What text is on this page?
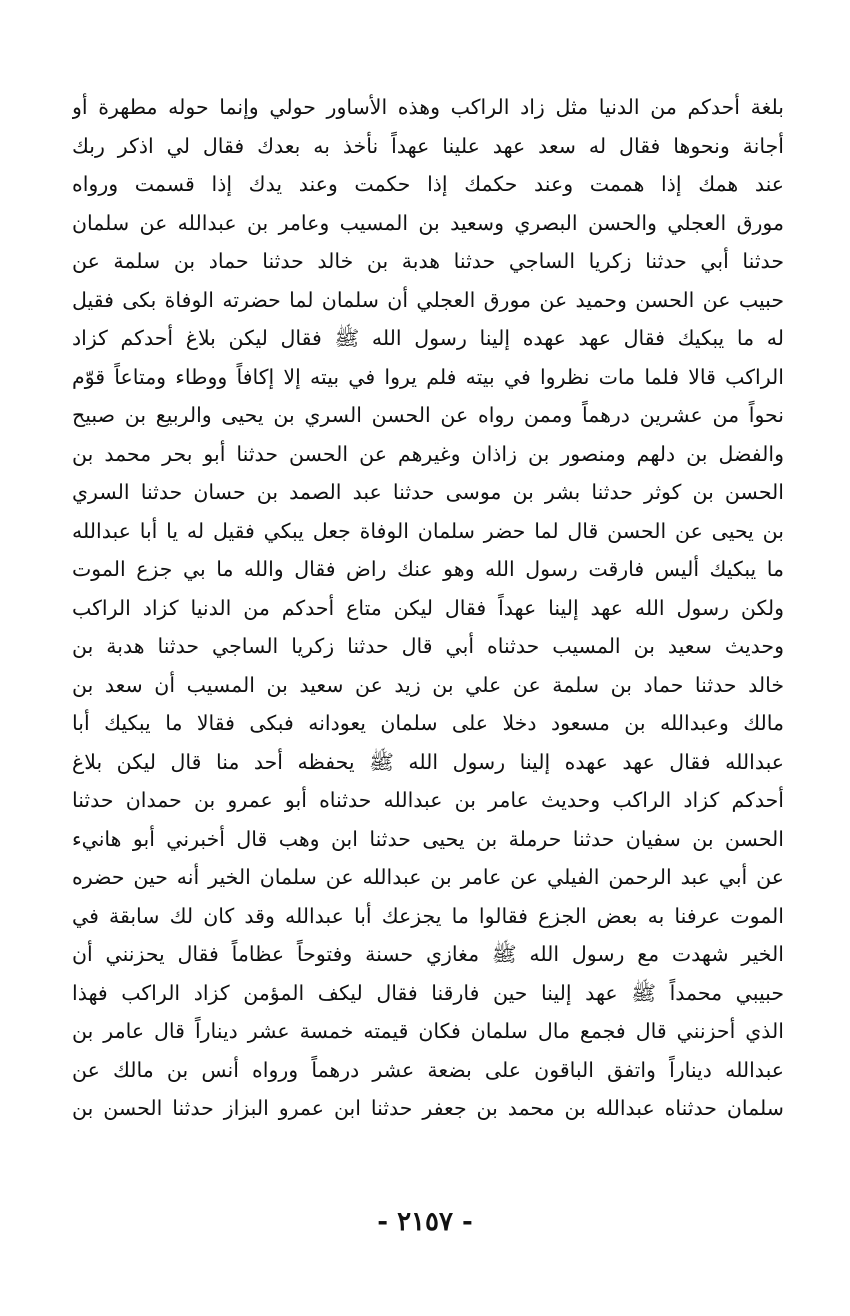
بلغة أحدكم من الدنيا مثل زاد الراكب وهذه الأساور حولي وإنما حوله مطهرة أو
أجانة ونحوها فقال له سعد عهد علينا عهداً نأخذ به بعدك فقال لي اذكر ربك
عند همك إذا هممت وعند حكمك إذا حكمت وعند يدك إذا قسمت ورواه
مورق العجلي والحسن البصري وسعيد بن المسيب وعامر بن عبدالله عن سلمان
حدثنا أبي حدثنا زكريا الساجي حدثنا هدبة بن خالد حدثنا حماد بن سلمة عن
حبيب عن الحسن وحميد عن مورق العجلي أن سلمان لما حضرته الوفاة بكى فقيل
له ما يبكيك فقال عهد عهده إلينا رسول الله ﷺ فقال ليكن بلاغ أحدكم كزاد
الراكب قالا فلما مات نظروا في بيته فلم يروا في بيته إلا إكافاً ووطاء ومتاعاً قوّم
نحواً من عشرين درهماً وممن رواه عن الحسن السري بن يحيى والربيع بن صبيح
والفضل بن دلهم ومنصور بن زاذان وغيرهم عن الحسن حدثنا أبو بحر محمد بن
الحسن بن كوثر حدثنا بشر بن موسى حدثنا عبد الصمد بن حسان حدثنا السري
بن يحيى عن الحسن قال لما حضر سلمان الوفاة جعل يبكي فقيل له يا أبا عبدالله
ما يبكيك أليس فارقت رسول الله وهو عنك راض فقال والله ما بي جزع الموت
ولكن رسول الله عهد إلينا عهداً فقال ليكن متاع أحدكم من الدنيا كزاد الراكب
وحديث سعيد بن المسيب حدثناه أبي قال حدثنا زكريا الساجي حدثنا هدبة بن
خالد حدثنا حماد بن سلمة عن علي بن زيد عن سعيد بن المسيب أن سعد بن
مالك وعبدالله بن مسعود دخلا على سلمان يعودانه فبكى فقالا ما يبكيك أبا
عبدالله فقال عهد عهده إلينا رسول الله ﷺ يحفظه أحد منا قال ليكن بلاغ
أحدكم كزاد الراكب وحديث عامر بن عبدالله حدثناه أبو عمرو بن حمدان حدثنا
الحسن بن سفيان حدثنا حرملة بن يحيى حدثنا ابن وهب قال أخبرني أبو هانيء
عن أبي عبد الرحمن الفيلي عن عامر بن عبدالله عن سلمان الخير أنه حين حضره
الموت عرفنا به بعض الجزع فقالوا ما يجزعك أبا عبدالله وقد كان لك سابقة في
الخير شهدت مع رسول الله ﷺ مغازي حسنة وفتوحاً عظاماً فقال يحزنني أن
حبيبي محمداً ﷺ عهد إلينا حين فارقنا فقال ليكف المؤمن كزاد الراكب فهذا
الذي أحزنني قال فجمع مال سلمان فكان قيمته خمسة عشر ديناراً قال عامر بن
عبدالله ديناراً واتفق الباقون على بضعة عشر درهماً ورواه أنس بن مالك عن
سلمان حدثناه عبدالله بن محمد بن جعفر حدثنا ابن عمرو البزاز حدثنا الحسن بن
- ٢١٥٧ -
